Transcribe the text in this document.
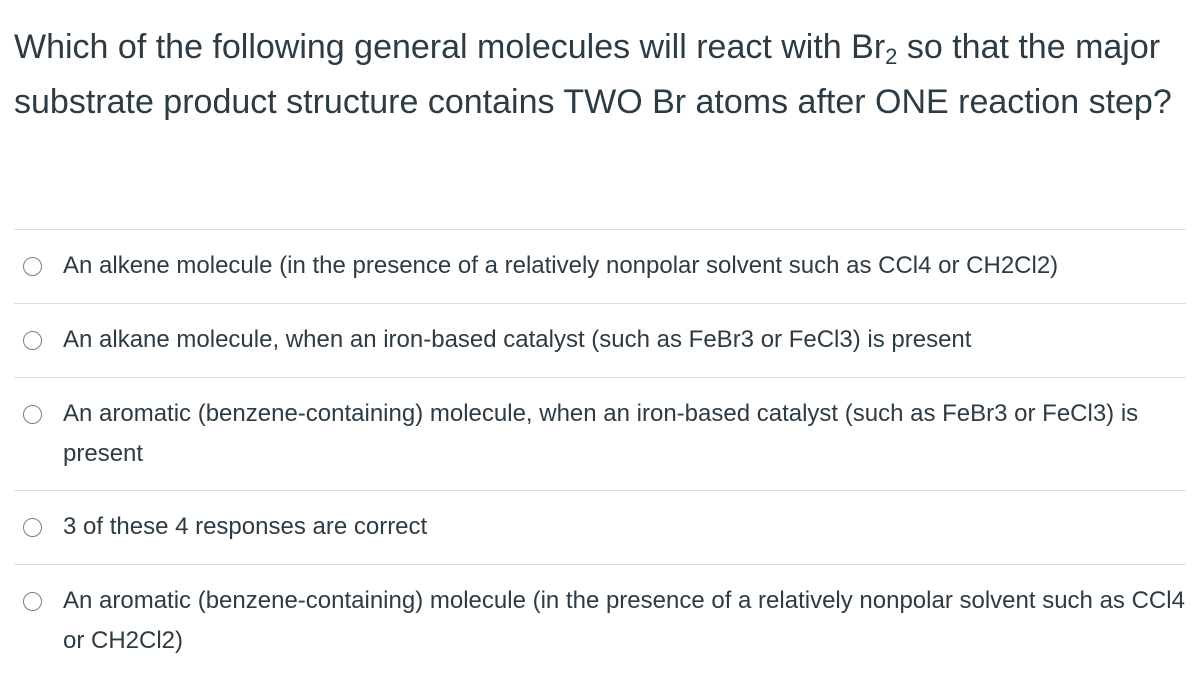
Which of the following general molecules will react with $Br_2$ so that the major substrate product structure contains TWO Br atoms after ONE reaction step?
An alkene molecule (in the presence of a relatively nonpolar solvent such as CCl4 or CH2Cl2)
An alkane molecule, when an iron-based catalyst (such as FeBr3 or FeCl3) is present
An aromatic (benzene-containing) molecule, when an iron-based catalyst (such as FeBr3 or FeCl3) is present
3 of these 4 responses are correct
An aromatic (benzene-containing) molecule (in the presence of a relatively nonpolar solvent such as CCl4 or CH2Cl2)
